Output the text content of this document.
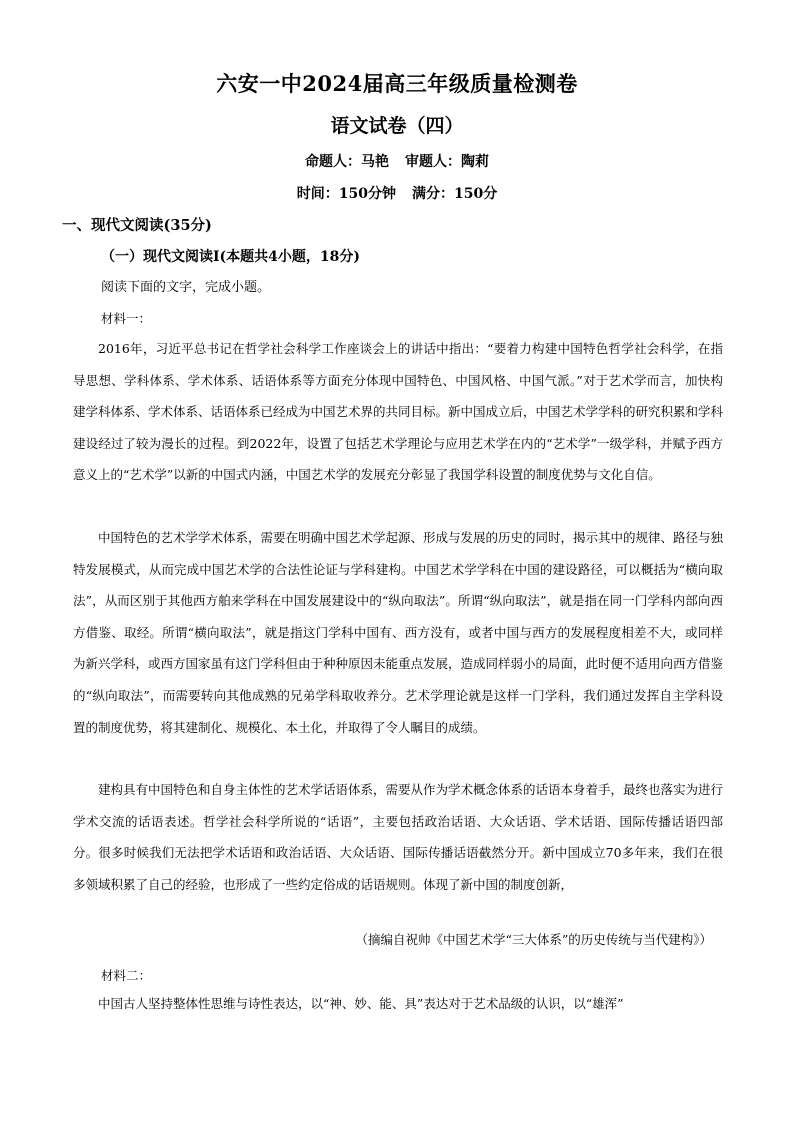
六安一中2024届高三年级质量检测卷
语文试卷（四）
命题人：马艳 审题人：陶莉
时间：150分钟 满分：150分
一、现代文阅读(35分)
（一）现代文阅读Ⅰ(本题共4小题，18分)
阅读下面的文字，完成小题。
材料一：

2016年，习近平总书记在哲学社会科学工作座谈会上的讲话中指出：“要着力构建中国特色哲学社会科学，在指导思想、学科体系、学术体系、话语体系等方面充分体现中国特色、中国风格、中国气派。”对于艺术学而言，加快构建学科体系、学术体系、话语体系已经成为中国艺术界的共同目标。新中国成立后，中国艺术学学科的研究积累和学科建设经过了较为漫长的过程。到2022年，设置了包括艺术学理论与应用艺术学在内的“艺术学”一级学科，并赋予西方意义上的“艺术学”以新的中国式内涵，中国艺术学的发展充分彰显了我国学科设置的制度优势与文化自信。

中国特色的艺术学学术体系，需要在明确中国艺术学起源、形成与发展的历史的同时，揭示其中的规律、路径与独特发展模式，从而完成中国艺术学的合法性论证与学科建构。中国艺术学学科在中国的建设路径，可以概括为“横向取法”，从而区别于其他西方舶来学科在中国发展建设中的“纵向取法”。所谓“纵向取法”，就是指在同一门学科内部向西方借鉴、取经。所谓“横向取法”，就是指这门学科中国有、西方没有，或者中国与西方的发展程度相差不大，或同样为新兴学科，或西方国家虽有这门学科但由于种种原因未能重点发展，造成同样弱小的局面，此时便不适用向西方借鉴的“纵向取法”，而需要转向其他成熟的兄弟学科取收养分。艺术学理论就是这样一门学科，我们通过发挥自主学科设置的制度优势，将其建制化、规模化、本土化，并取得了令人瞩目的成绩。

建构具有中国特色和自身主体性的艺术学话语体系，需要从作为学术概念体系的话语本身着手，最终也落实为进行学术交流的话语表述。哲学社会科学所说的“话语”，主要包括政治话语、大众话语、学术话语、国际传播话语四部分。很多时候我们无法把学术话语和政治话语、大众话语、国际传播话语截然分开。新中国成立70多年来，我们在很多领域积累了自己的经验，也形成了一些约定俗成的话语规则。体现了新中国的制度创新，

（摘编自祝帅《中国艺术学“三大体系”的历史传统与当代建构》）
材料二：

中国古人坚持整体性思维与诗性表达，以“神、妙、能、具”表达对于艺术品级的认识，以“雄浑”
